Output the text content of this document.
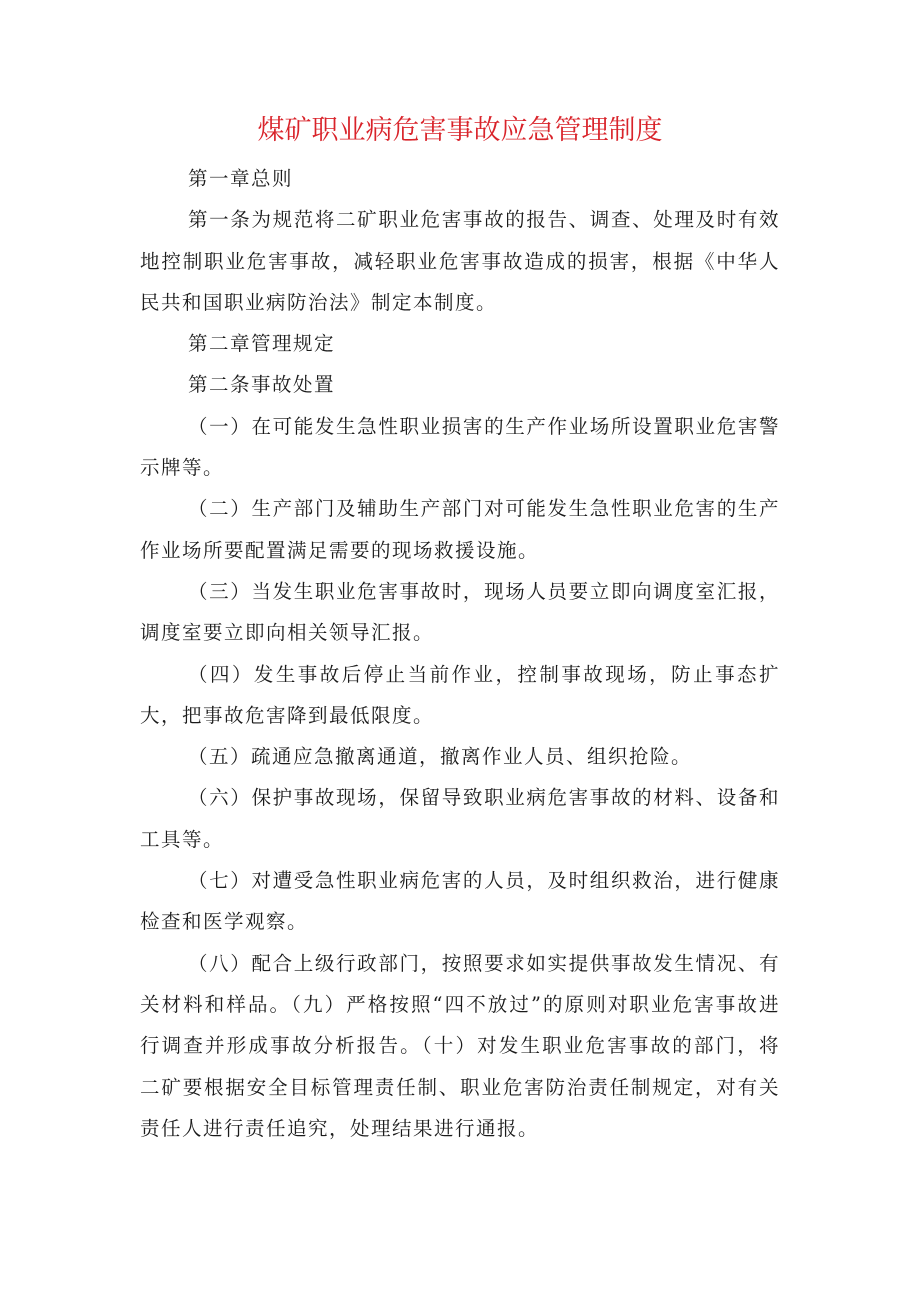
煤矿职业病危害事故应急管理制度

第一章总则

第一条为规范将二矿职业危害事故的报告、调查、处理及时有效地控制职业危害事故，减轻职业危害事故造成的损害，根据《中华人民共和国职业病防治法》制定本制度。

第二章管理规定

第二条事故处置

（一）在可能发生急性职业损害的生产作业场所设置职业危害警示牌等。

（二）生产部门及辅助生产部门对可能发生急性职业危害的生产作业场所要配置满足需要的现场救援设施。

（三）当发生职业危害事故时，现场人员要立即向调度室汇报，调度室要立即向相关领导汇报。

（四）发生事故后停止当前作业，控制事故现场，防止事态扩大，把事故危害降到最低限度。

（五）疏通应急撤离通道，撤离作业人员、组织抢险。

（六）保护事故现场，保留导致职业病危害事故的材料、设备和工具等。

（七）对遭受急性职业病危害的人员，及时组织救治，进行健康检查和医学观察。

（八）配合上级行政部门，按照要求如实提供事故发生情况、有关材料和样品。（九）严格按照“四不放过”的原则对职业危害事故进行调查并形成事故分析报告。（十）对发生职业危害事故的部门，将二矿要根据安全目标管理责任制、职业危害防治责任制规定，对有关责任人进行责任追究，处理结果进行通报。
